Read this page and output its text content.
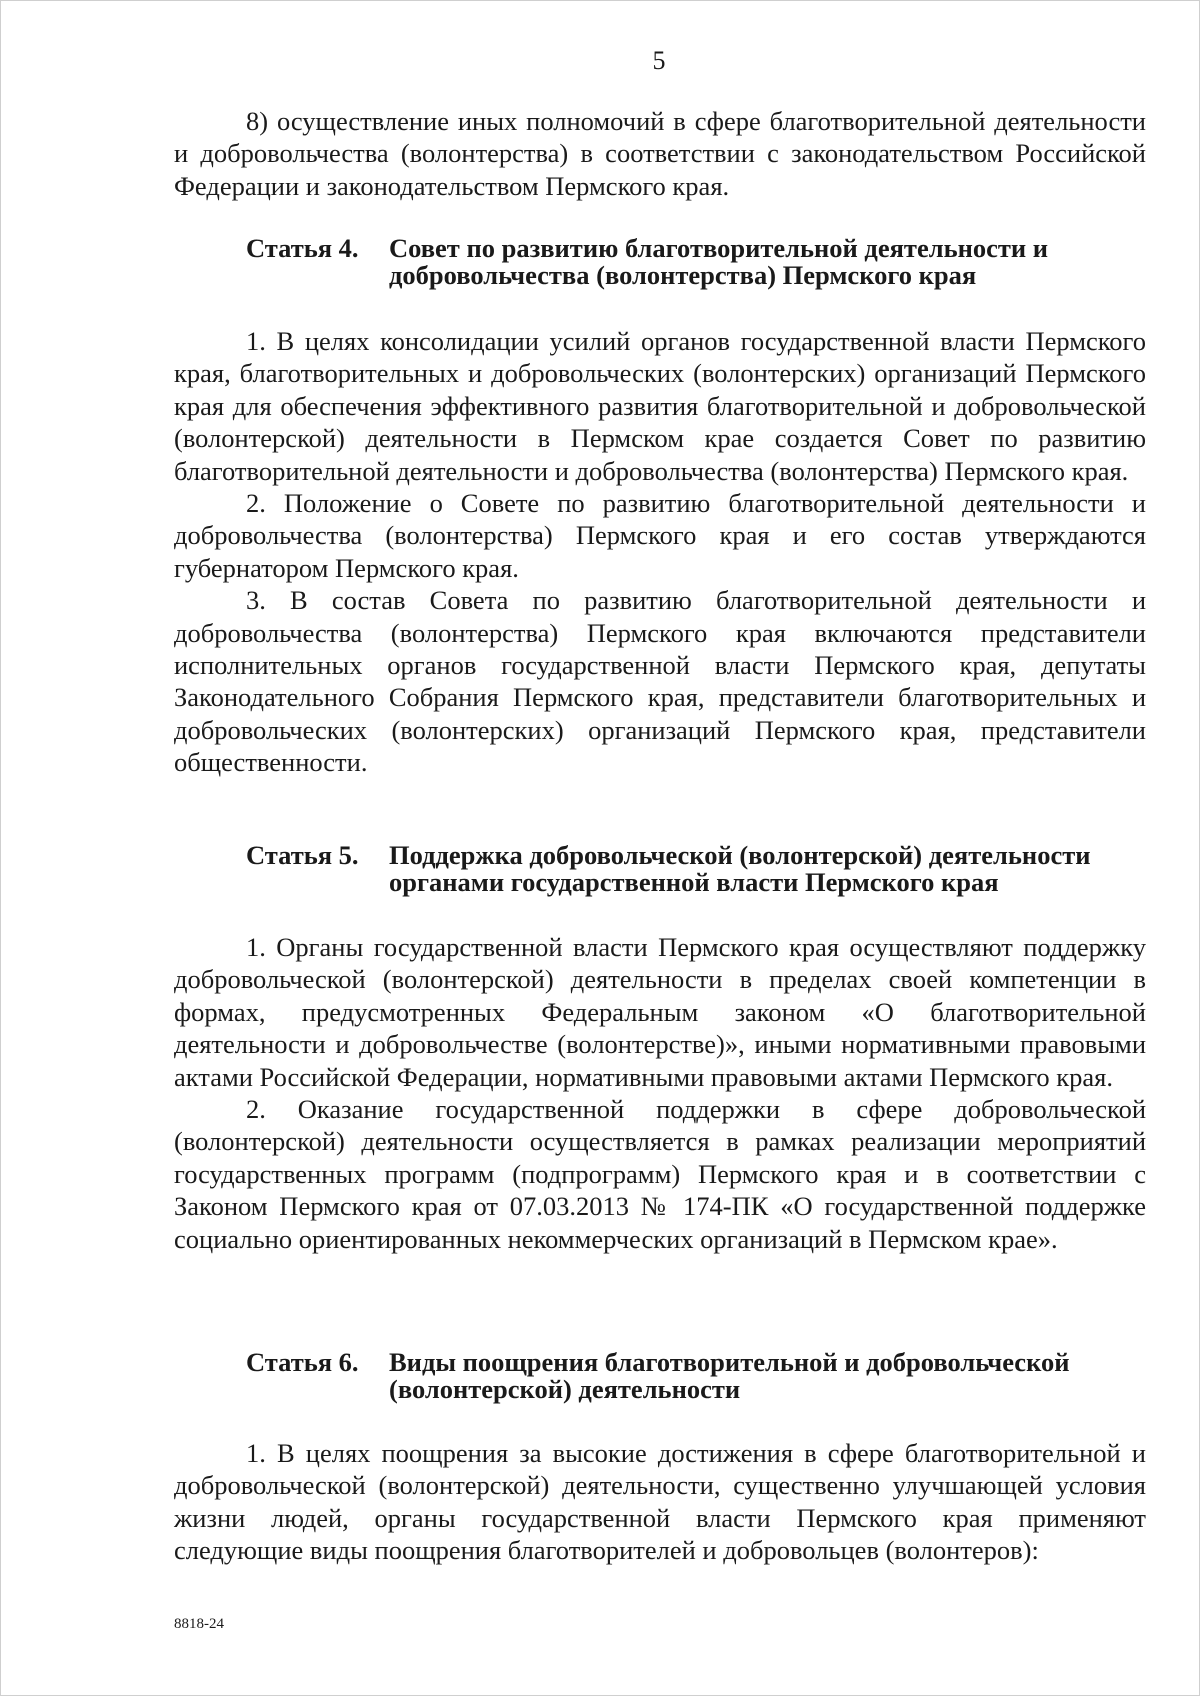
5

8) осуществление иных полномочий в сфере благотворительной деятельности и добровольчества (волонтерства) в соответствии с законодательством Российской Федерации и законодательством Пермского края.

Статья 4. Совет по развитию благотворительной деятельности и добровольчества (волонтерства) Пермского края

1. В целях консолидации усилий органов государственной власти Пермского края, благотворительных и добровольческих (волонтерских) организаций Пермского края для обеспечения эффективного развития благотворительной и добровольческой (волонтерской) деятельности в Пермском крае создается Совет по развитию благотворительной деятельности и добровольчества (волонтерства) Пермского края.

2. Положение о Совете по развитию благотворительной деятельности и добровольчества (волонтерства) Пермского края и его состав утверждаются губернатором Пермского края.

3. В состав Совета по развитию благотворительной деятельности и добровольчества (волонтерства) Пермского края включаются представители исполнительных органов государственной власти Пермского края, депутаты Законодательного Собрания Пермского края, представители благотворительных и добровольческих (волонтерских) организаций Пермского края, представители общественности.

Статья 5. Поддержка добровольческой (волонтерской) деятельности органами государственной власти Пермского края

1. Органы государственной власти Пермского края осуществляют поддержку добровольческой (волонтерской) деятельности в пределах своей компетенции в формах, предусмотренных Федеральным законом «О благотворительной деятельности и добровольчестве (волонтерстве)», иными нормативными правовыми актами Российской Федерации, нормативными правовыми актами Пермского края.

2. Оказание государственной поддержки в сфере добровольческой (волонтерской) деятельности осуществляется в рамках реализации мероприятий государственных программ (подпрограмм) Пермского края и в соответствии с Законом Пермского края от 07.03.2013 № 174-ПК «О государственной поддержке социально ориентированных некоммерческих организаций в Пермском крае».

Статья 6. Виды поощрения благотворительной и добровольческой (волонтерской) деятельности

1. В целях поощрения за высокие достижения в сфере благотворительной и добровольческой (волонтерской) деятельности, существенно улучшающей условия жизни людей, органы государственной власти Пермского края применяют следующие виды поощрения благотворителей и добровольцев (волонтеров):

8818-24
